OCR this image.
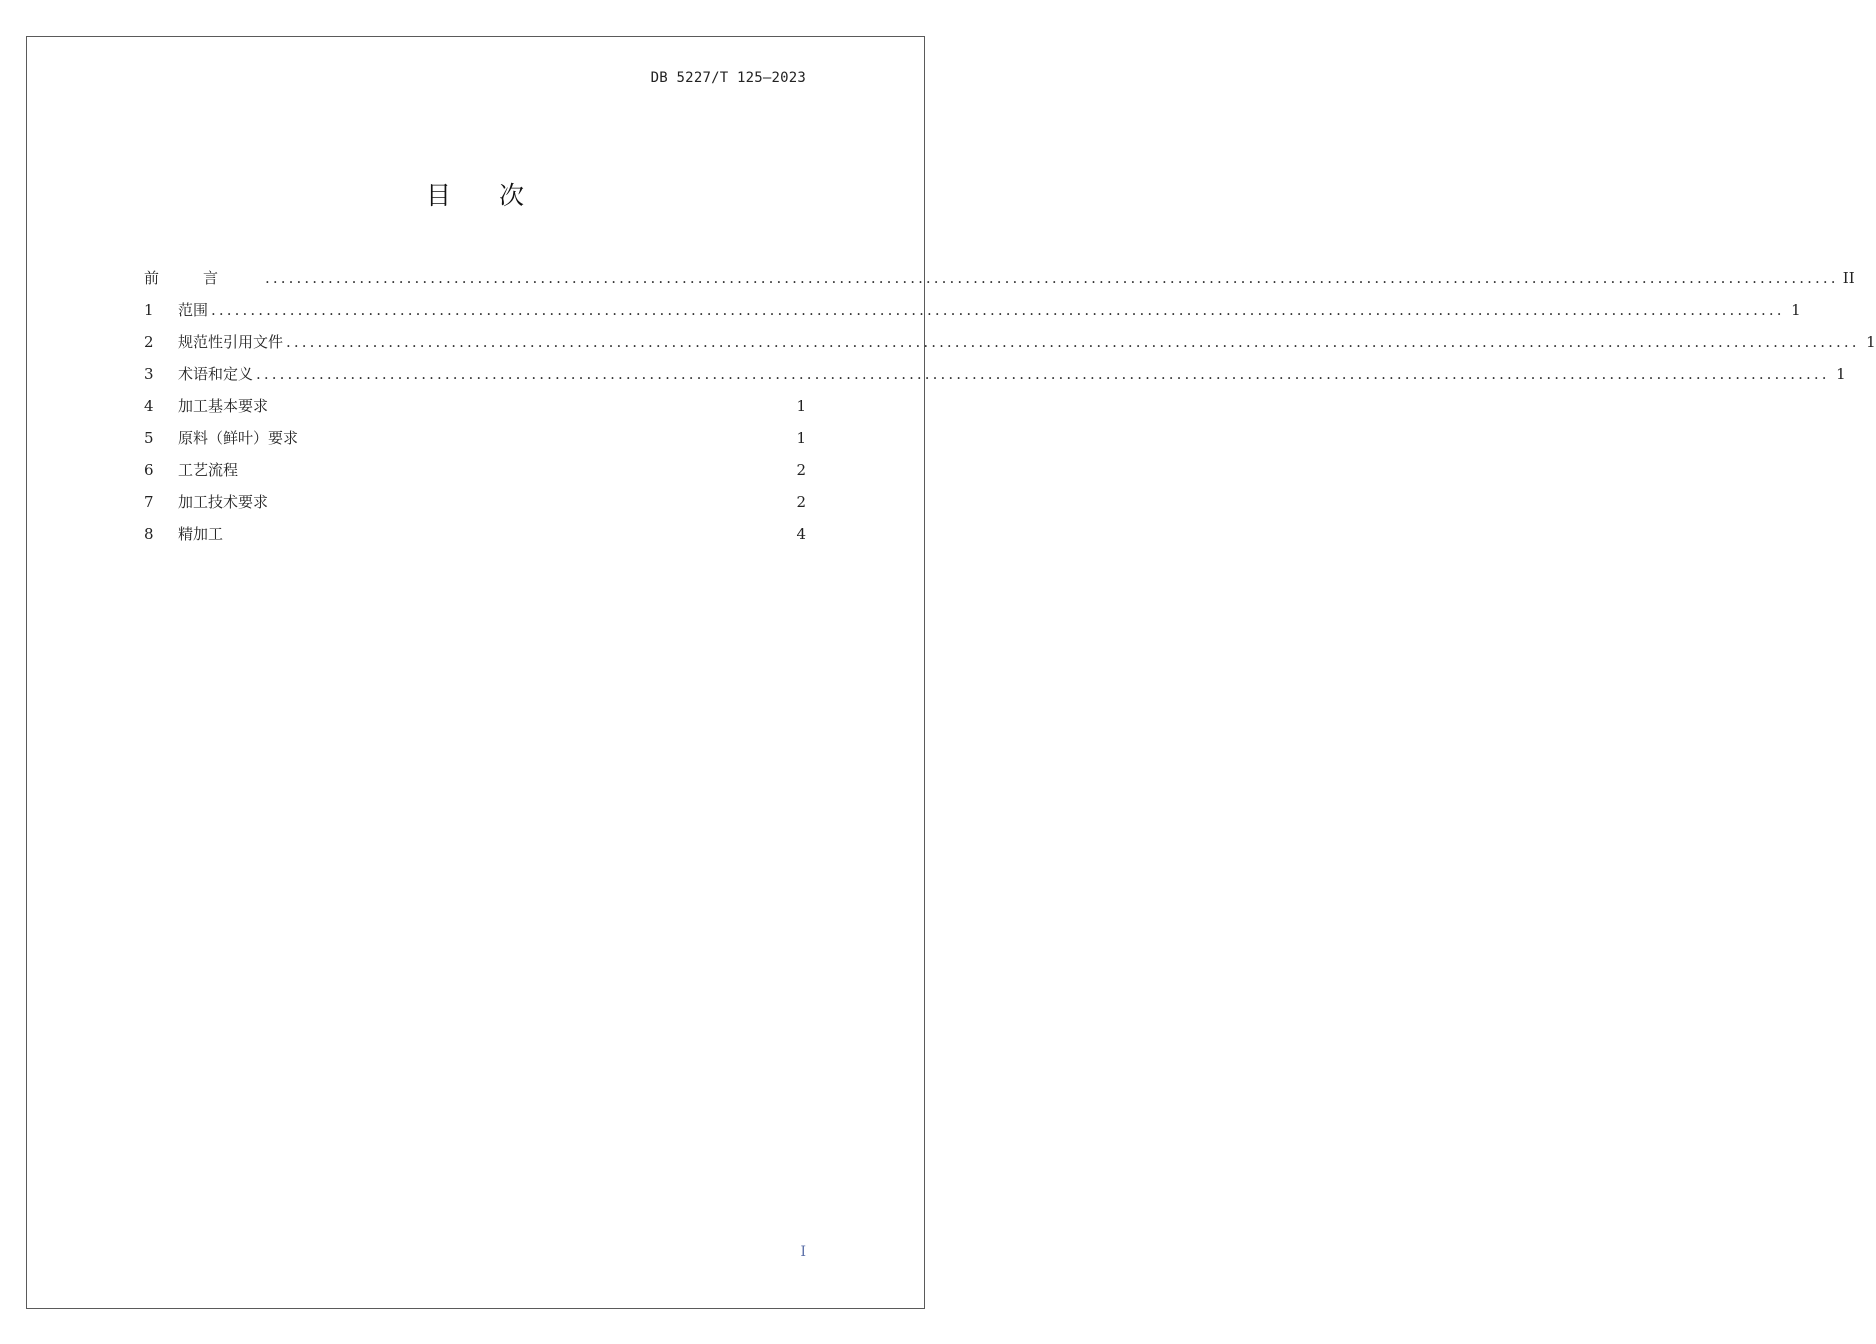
DB 5227/T 125—2023
目次
前言 ........................................................................................................................................................................................................ II
1	范围 ........................................................................................................................................................................................................ 1
2	规范性引用文件 ........................................................................................................................................................................................................ 1
3	术语和定义 ........................................................................................................................................................................................................ 1
4	加工基本要求	1
5	原料（鲜叶）要求	1
6	工艺流程	2
7	加工技术要求	2
8	精加工	4
I
